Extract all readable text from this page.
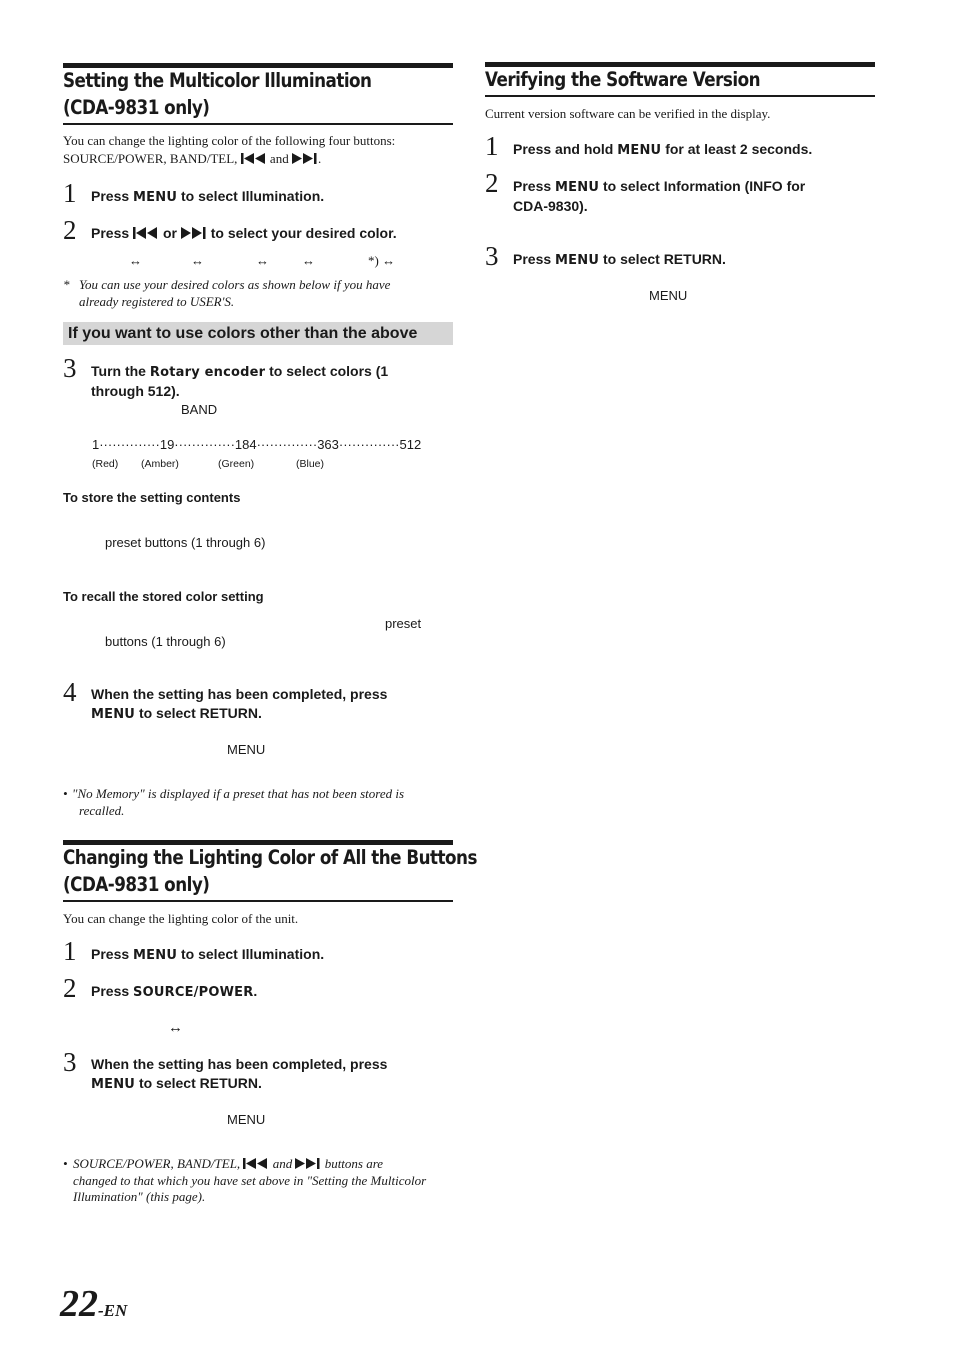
Setting the Multicolor Illumination
(CDA-9831 only)
You can change the lighting color of the following four buttons:
SOURCE/POWER, BAND/TEL,	and .
1 Press MENU to select Illumination.
2 Press or to select your desired color.
↔	↔	↔	↔	*) ↔
* You can use your desired colors as shown below if you have
already registered to USER'S.
If you want to use colors other than the above
3 Turn the Rotary encoder to select colors (1
through 512).
BAND
1··············19··············184··············363··············512
(Red) (Amber)	(Green)	(Blue)
To store the setting contents
preset buttons (1 through 6)
To recall the stored color setting
preset
buttons (1 through 6)
4 When the setting has been completed, press
MENU to select RETURN.
MENU
• "No Memory" is displayed if a preset that has not been stored is
recalled.
Changing the Lighting Color of All the Buttons
(CDA-9831 only)
You can change the lighting color of the unit.
1 Press MENU to select Illumination.
2 Press SOURCE/POWER.
↔
3 When the setting has been completed, press
MENU to select RETURN.
MENU
• SOURCE/POWER, BAND/TEL,	and	buttons are
changed to that which you have set above in "Setting the Multicolor
Illumination" (this page).
Verifying the Software Version
Current version software can be verified in the display.
1 Press and hold MENU for at least 2 seconds.
2 Press MENU to select Information (INFO for
CDA-9830).
3 Press MENU to select RETURN.
MENU
22-EN
